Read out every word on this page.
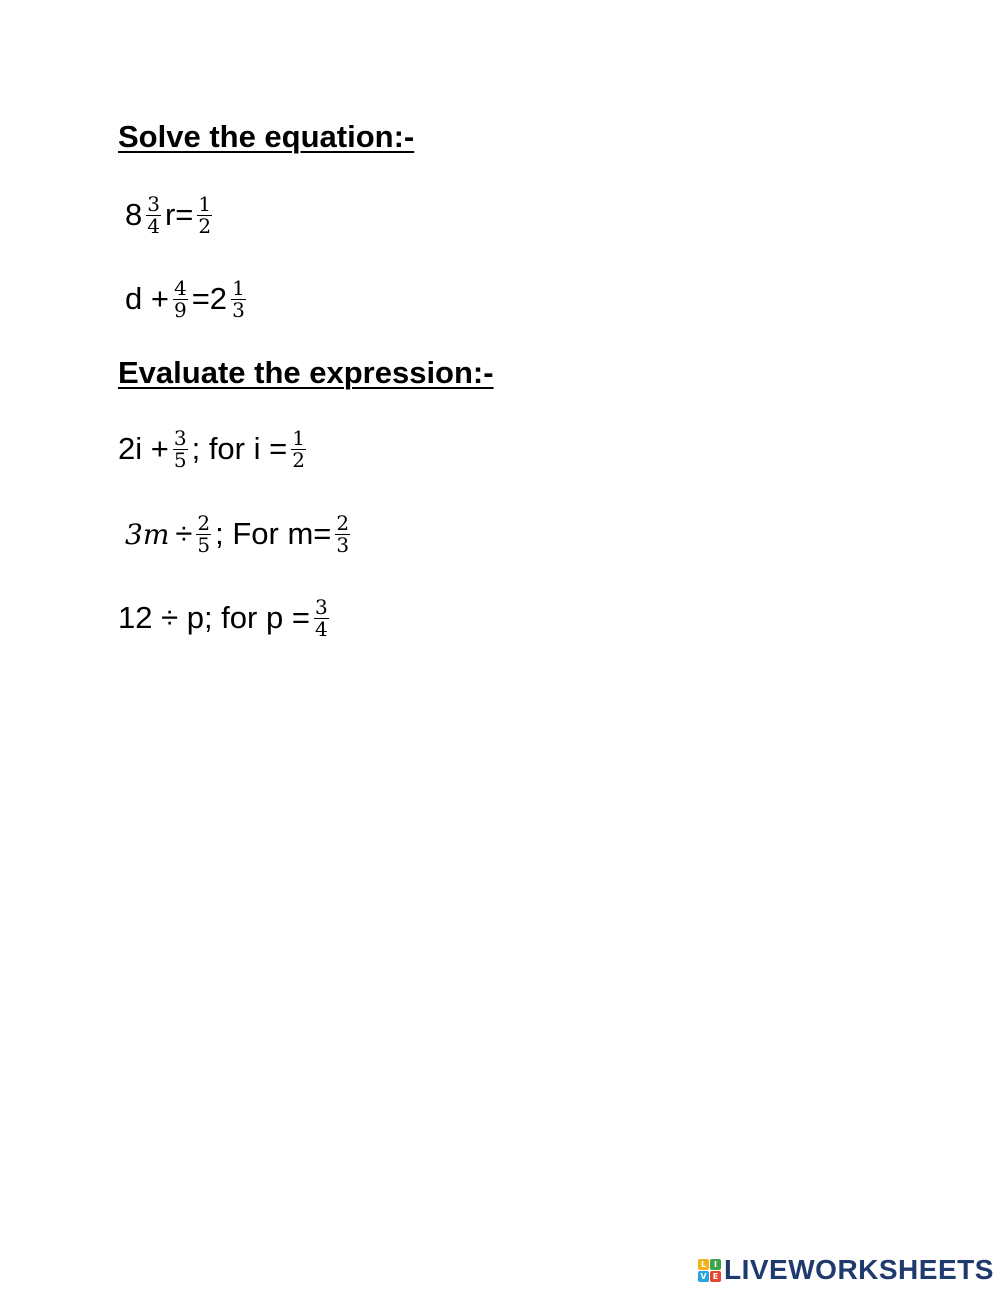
Solve the equation:-
$8 \frac{3}{4} r= \frac{1}{2}$
$d + \frac{4}{9} =2 \frac{1}{3}$
Evaluate the expression:-
$2i + \frac{3}{5}$ ; for $i = \frac{1}{2}$
$3m \div \frac{2}{5}$ ; For $m= \frac{2}{3}$
12 ÷ p; for $p = \frac{3}{4}$
L I
V E LIVEWORKSHEETS
